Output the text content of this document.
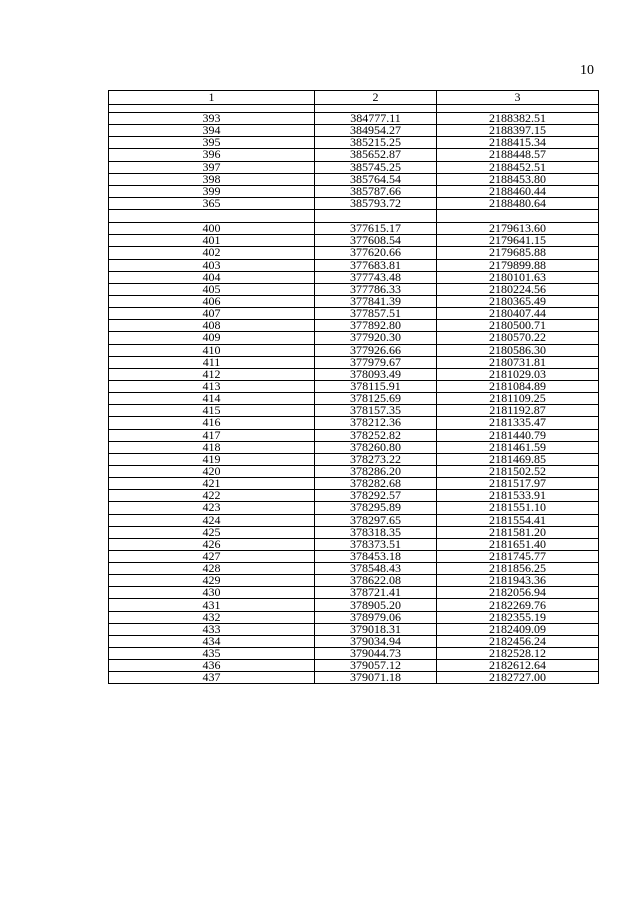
10
1	2	3

393	384777.11	2188382.51
394	384954.27	2188397.15
395	385215.25	2188415.34
396	385652.87	2188448.57
397	385745.25	2188452.51
398	385764.54	2188453.80
399	385787.66	2188460.44
365	385793.72	2188480.64

400	377615.17	2179613.60
401	377608.54	2179641.15
402	377620.66	2179685.88
403	377683.81	2179899.88
404	377743.48	2180101.63
405	377786.33	2180224.56
406	377841.39	2180365.49
407	377857.51	2180407.44
408	377892.80	2180500.71
409	377920.30	2180570.22
410	377926.66	2180586.30
411	377979.67	2180731.81
412	378093.49	2181029.03
413	378115.91	2181084.89
414	378125.69	2181109.25
415	378157.35	2181192.87
416	378212.36	2181335.47
417	378252.82	2181440.79
418	378260.80	2181461.59
419	378273.22	2181469.85
420	378286.20	2181502.52
421	378282.68	2181517.97
422	378292.57	2181533.91
423	378295.89	2181551.10
424	378297.65	2181554.41
425	378318.35	2181581.20
426	378373.51	2181651.40
427	378453.18	2181745.77
428	378548.43	2181856.25
429	378622.08	2181943.36
430	378721.41	2182056.94
431	378905.20	2182269.76
432	378979.06	2182355.19
433	379018.31	2182409.09
434	379034.94	2182456.24
435	379044.73	2182528.12
436	379057.12	2182612.64
437	379071.18	2182727.00
